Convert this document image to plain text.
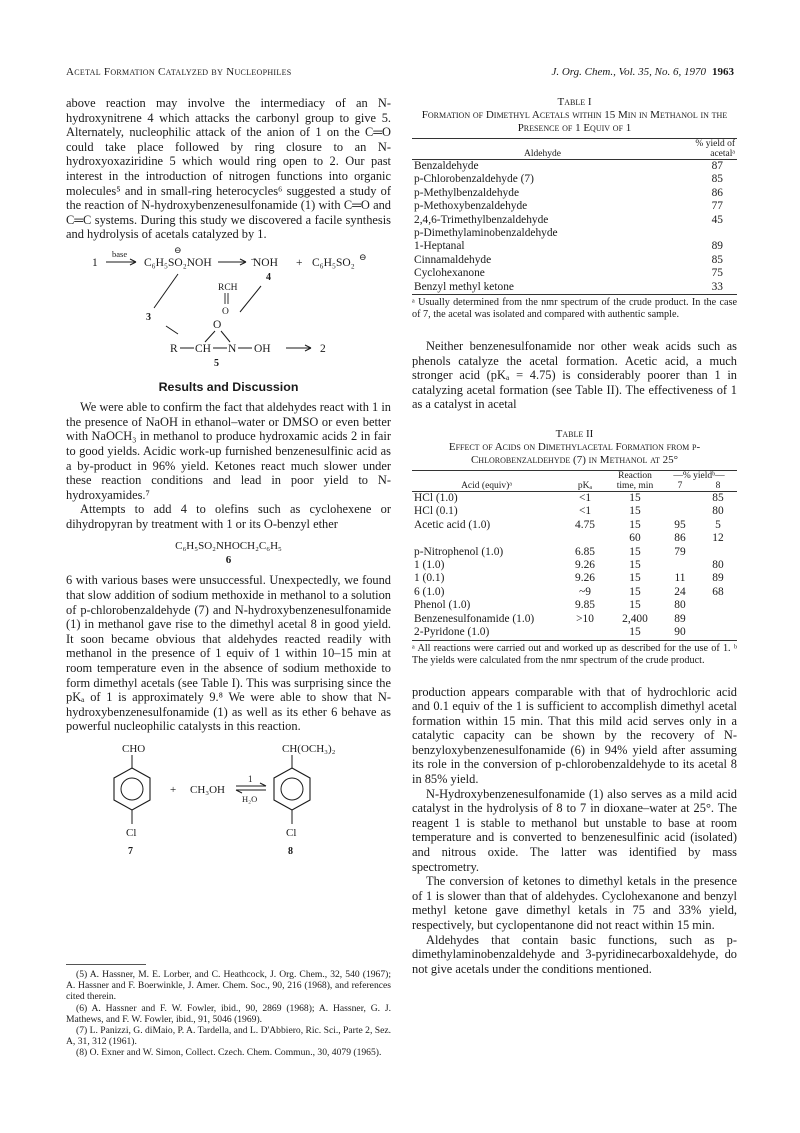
Acetal Formation Catalyzed by Nucleophiles	J. Org. Chem., Vol. 35, No. 6, 1970 1963

above reaction may involve the intermediacy of an N-hydroxynitrene 4 which attacks the carbonyl group to give 5. Alternately, nucleophilic attack of the anion of 1 on the C═O could take place followed by ring closure to an N-hydroxyoxaziridine 5 which would ring open to 2. Our past interest in the introduction of nitrogen functions into organic molecules⁵ and in small-ring heterocycles⁶ suggested a study of the reaction of N-hydroxybenzenesulfonamide (1) with C═O and C═C systems. During this study we discovered a facile synthesis and hydrolysis of acetals catalyzed by 1.

1
base	⊖
C₆H₅SO₂NOH	̈NOH + C₆H₅SO₂ ⊖
4
RCH
O
3
O
R CH N OH	2
5
Results and Discussion

We were able to confirm the fact that aldehydes react with 1 in the presence of NaOH in ethanol–water or DMSO or even better with NaOCH₃ in methanol to produce hydroxamic acids 2 in fair to good yields. Acidic work-up furnished benzenesulfinic acid as a by-product in 96% yield. Ketones react much slower under these reaction conditions and lead in poor yield to N-hydroxyamides.⁷

Attempts to add 4 to olefins such as cyclohexene or dihydropyran by treatment with 1 or its O-benzyl ether

C₆H₅SO₂NHOCH₂C₆H₅
6

6 with various bases were unsuccessful. Unexpectedly, we found that slow addition of sodium methoxide in methanol to a solution of p-chlorobenzaldehyde (7) and N-hydroxybenzenesulfonamide (1) in methanol gave rise to the dimethyl acetal 8 in good yield. It soon became obvious that aldehydes reacted readily with methanol in the presence of 1 equiv of 1 within 10–15 min at room temperature even in the absence of sodium methoxide to form dimethyl acetals (see Table I). This was surprising since the pKₐ of 1 is approximately 9.⁸ We were able to show that N-hydroxybenzenesulfonamide (1) as well as its ether 6 behave as powerful nucleophilic catalysts in this reaction.

CHO
Cl
7
+ CH₃OH
1
H₂O
CH(OCH₃)₂
Cl
8
(5) A. Hassner, M. E. Lorber, and C. Heathcock, J. Org. Chem., 32, 540 (1967); A. Hassner and F. Boerwinkle, J. Amer. Chem. Soc., 90, 216 (1968), and references cited therein.
(6) A. Hassner and F. W. Fowler, ibid., 90, 2869 (1968); A. Hassner, G. J. Mathews, and F. W. Fowler, ibid., 91, 5046 (1969).
(7) L. Panizzi, G. diMaio, P. A. Tardella, and L. D'Abbiero, Ric. Sci., Parte 2, Sez. A, 31, 312 (1961).
(8) O. Exner and W. Simon, Collect. Czech. Chem. Commun., 30, 4079 (1965).
Table I
Formation of Dimethyl Acetals within 15 Min in Methanol in the Presence of 1 Equiv of 1
Aldehyde	% yield of acetalᵃ
Benzaldehyde	87
p-Chlorobenzaldehyde (7)	85
p-Methylbenzaldehyde	86
p-Methoxybenzaldehyde	77
2,4,6-Trimethylbenzaldehyde	45
p-Dimethylaminobenzaldehyde	
1-Heptanal	89
Cinnamaldehyde	85
Cyclohexanone	75
Benzyl methyl ketone	33
ᵃ Usually determined from the nmr spectrum of the crude product. In the case of 7, the acetal was isolated and compared with authentic sample.

Neither benzenesulfonamide nor other weak acids such as phenols catalyze the acetal formation. Acetic acid, a much stronger acid (pKₐ = 4.75) is considerably poorer than 1 in catalyzing acetal formation (see Table II). The effectiveness of 1 as a catalyst in acetal

Table II
Effect of Acids on Dimethylacetal Formation from p-Chlorobenzaldehyde (7) in Methanol at 25°
Acid (equiv)ᵃ	pKₐ	Reaction time, min	—% yieldᵇ—	
			7	8
HCl (1.0)	<1	15		85
HCl (0.1)	<1	15		80
Acetic acid (1.0)	4.75	15	95	5
		60	86	12
p-Nitrophenol (1.0)	6.85	15	79	
1 (1.0)	9.26	15		80
1 (0.1)	9.26	15	11	89
6 (1.0)	~9	15	24	68
Phenol (1.0)	9.85	15	80	
Benzenesulfonamide (1.0)	>10	2,400	89	
2-Pyridone (1.0)		15	90	
ᵃ All reactions were carried out and worked up as described for the use of 1. ᵇ The yields were calculated from the nmr spectrum of the crude product.

production appears comparable with that of hydrochloric acid and 0.1 equiv of the 1 is sufficient to accomplish dimethyl acetal formation within 15 min. That this mild acid serves only in a catalytic capacity can be shown by the recovery of N-benzyloxybenzenesulfonamide (6) in 94% yield after assuming its role in the conversion of p-chlorobenzaldehyde to its acetal 8 in 85% yield.

N-Hydroxybenzenesulfonamide (1) also serves as a mild acid catalyst in the hydrolysis of 8 to 7 in dioxane–water at 25°. The reagent 1 is stable to methanol but unstable to base at room temperature and is converted to benzenesulfinic acid (isolated) and nitrous oxide. The latter was identified by mass spectrometry.

The conversion of ketones to dimethyl ketals in the presence of 1 is slower than that of aldehydes. Cyclohexanone and benzyl methyl ketone gave dimethyl ketals in 75 and 33% yield, respectively, but cyclopentanone did not react within 15 min.

Aldehydes that contain basic functions, such as p-dimethylaminobenzaldehyde and 3-pyridinecarboxaldehyde, do not give acetals under the conditions mentioned.
